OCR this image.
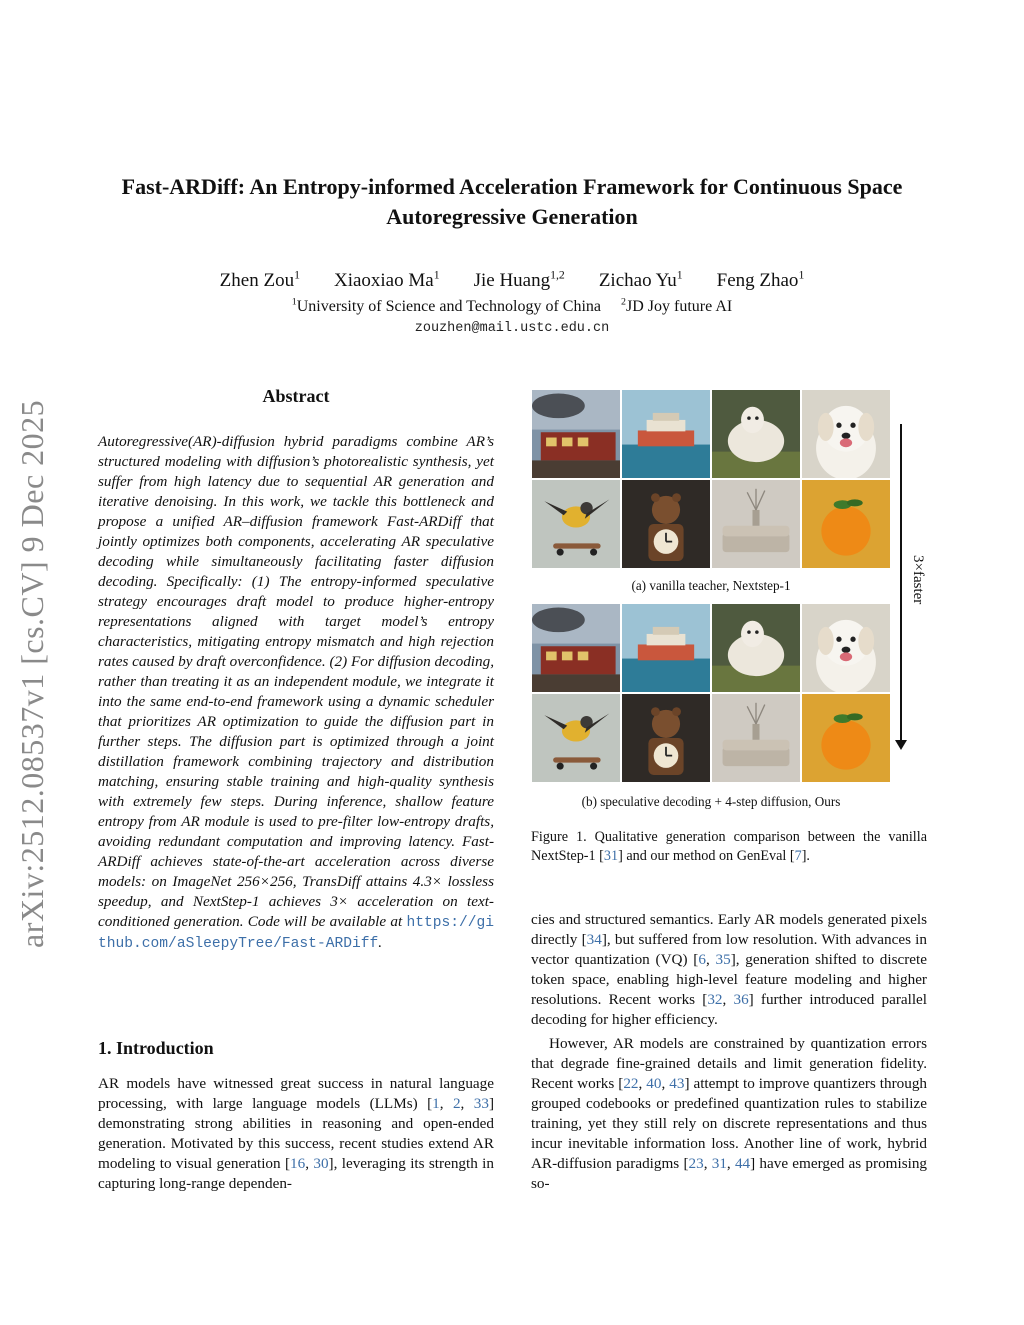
arXiv:2512.08537v1 [cs.CV] 9 Dec 2025
Fast-ARDiff: An Entropy-informed Acceleration Framework for Continuous Space Autoregressive Generation
Zhen Zou$^1$ Xiaoxiao Ma$^1$ Jie Huang$^{1,2}$ Zichao Yu$^1$ Feng Zhao$^1$
$^1$University of Science and Technology of China $^2$JD Joy future AI
zouzhen@mail.ustc.edu.cn
Abstract
Autoregressive(AR)-diffusion hybrid paradigms combine AR’s structured modeling with diffusion’s photorealistic synthesis, yet suffer from high latency due to sequential AR generation and iterative denoising. In this work, we tackle this bottleneck and propose a unified AR–diffusion framework Fast-ARDiff that jointly optimizes both components, accelerating AR speculative decoding while simultaneously facilitating faster diffusion decoding. Specifically: (1) The entropy-informed speculative strategy encourages draft model to produce higher-entropy representations aligned with target model’s entropy characteristics, mitigating entropy mismatch and high rejection rates caused by draft overconfidence. (2) For diffusion decoding, rather than treating it as an independent module, we integrate it into the same end-to-end framework using a dynamic scheduler that prioritizes AR optimization to guide the diffusion part in further steps. The diffusion part is optimized through a joint distillation framework combining trajectory and distribution matching, ensuring stable training and high-quality synthesis with extremely few steps. During inference, shallow feature entropy from AR module is used to pre-filter low-entropy drafts, avoiding redundant computation and improving latency. Fast-ARDiff achieves state-of-the-art acceleration across diverse models: on ImageNet 256×256, TransDiff attains 4.3× lossless speedup, and NextStep-1 achieves 3× acceleration on text-conditioned generation. Code will be available at https://github.com/aSleepyTree/Fast-ARDiff.
1. Introduction
AR models have witnessed great success in natural language processing, with large language models (LLMs) [1, 2, 33] demonstrating strong abilities in reasoning and open-ended generation. Motivated by this success, recent studies extend AR modeling to visual generation [16, 30], leveraging its strength in capturing long-range dependen-
(a) vanilla teacher, Nextstep-1
(b) speculative decoding + 4-step diffusion, Ours
3×faster
Figure 1. Qualitative generation comparison between the vanilla NextStep-1 [31] and our method on GenEval [7].

cies and structured semantics. Early AR models generated pixels directly [34], but suffered from low resolution. With advances in vector quantization (VQ) [6, 35], generation shifted to discrete token space, enabling high-level feature modeling and higher resolutions. Recent works [32, 36] further introduced parallel decoding for higher efficiency.

However, AR models are constrained by quantization errors that degrade fine-grained details and limit generation fidelity. Recent works [22, 40, 43] attempt to improve quantizers through grouped codebooks or predefined quantization rules to stabilize training, yet they still rely on discrete representations and thus incur inevitable information loss. Another line of work, hybrid AR-diffusion paradigms [23, 31, 44] have emerged as promising so-
